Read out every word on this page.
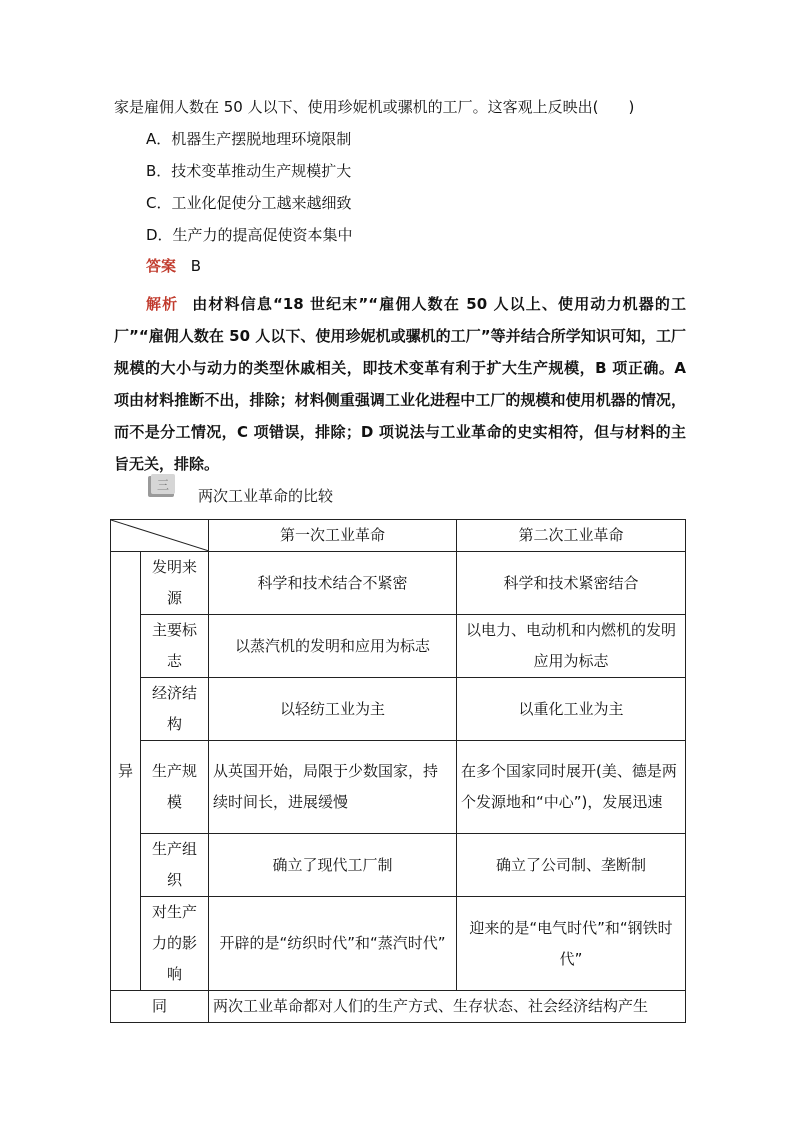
家是雇佣人数在 50 人以下、使用珍妮机或骡机的工厂。这客观上反映出(　　)
A．机器生产摆脱地理环境限制
B．技术变革推动生产规模扩大
C．工业化促使分工越来越细致
D．生产力的提高促使资本集中
答案 B
解析 由材料信息“18 世纪末”“雇佣人数在 50 人以上、使用动力机器的工厂”“雇佣人数在 50 人以下、使用珍妮机或骡机的工厂”等并结合所学知识可知，工厂规模的大小与动力的类型休戚相关，即技术变革有利于扩大生产规模，B 项正确。A 项由材料推断不出，排除；材料侧重强调工业化进程中工厂的规模和使用机器的情况，而不是分工情况，C 项错误，排除；D 项说法与工业革命的史实相符，但与材料的主旨无关，排除。
三
两次工业革命的比较
	第一次工业革命	第二次工业革命
异	发明来源	科学和技术结合不紧密	科学和技术紧密结合
	主要标志	以蒸汽机的发明和应用为标志	以电力、电动机和内燃机的发明应用为标志
	经济结构	以轻纺工业为主	以重化工业为主
	生产规模	从英国开始，局限于少数国家，持续时间长，进展缓慢	在多个国家同时展开(美、德是两个发源地和“中心”)，发展迅速
	生产组织	确立了现代工厂制	确立了公司制、垄断制
	对生产力的影响	开辟的是“纺织时代”和“蒸汽时代”	迎来的是“电气时代”和“钢铁时代”
同		两次工业革命都对人们的生产方式、生存状态、社会经济结构产生	
